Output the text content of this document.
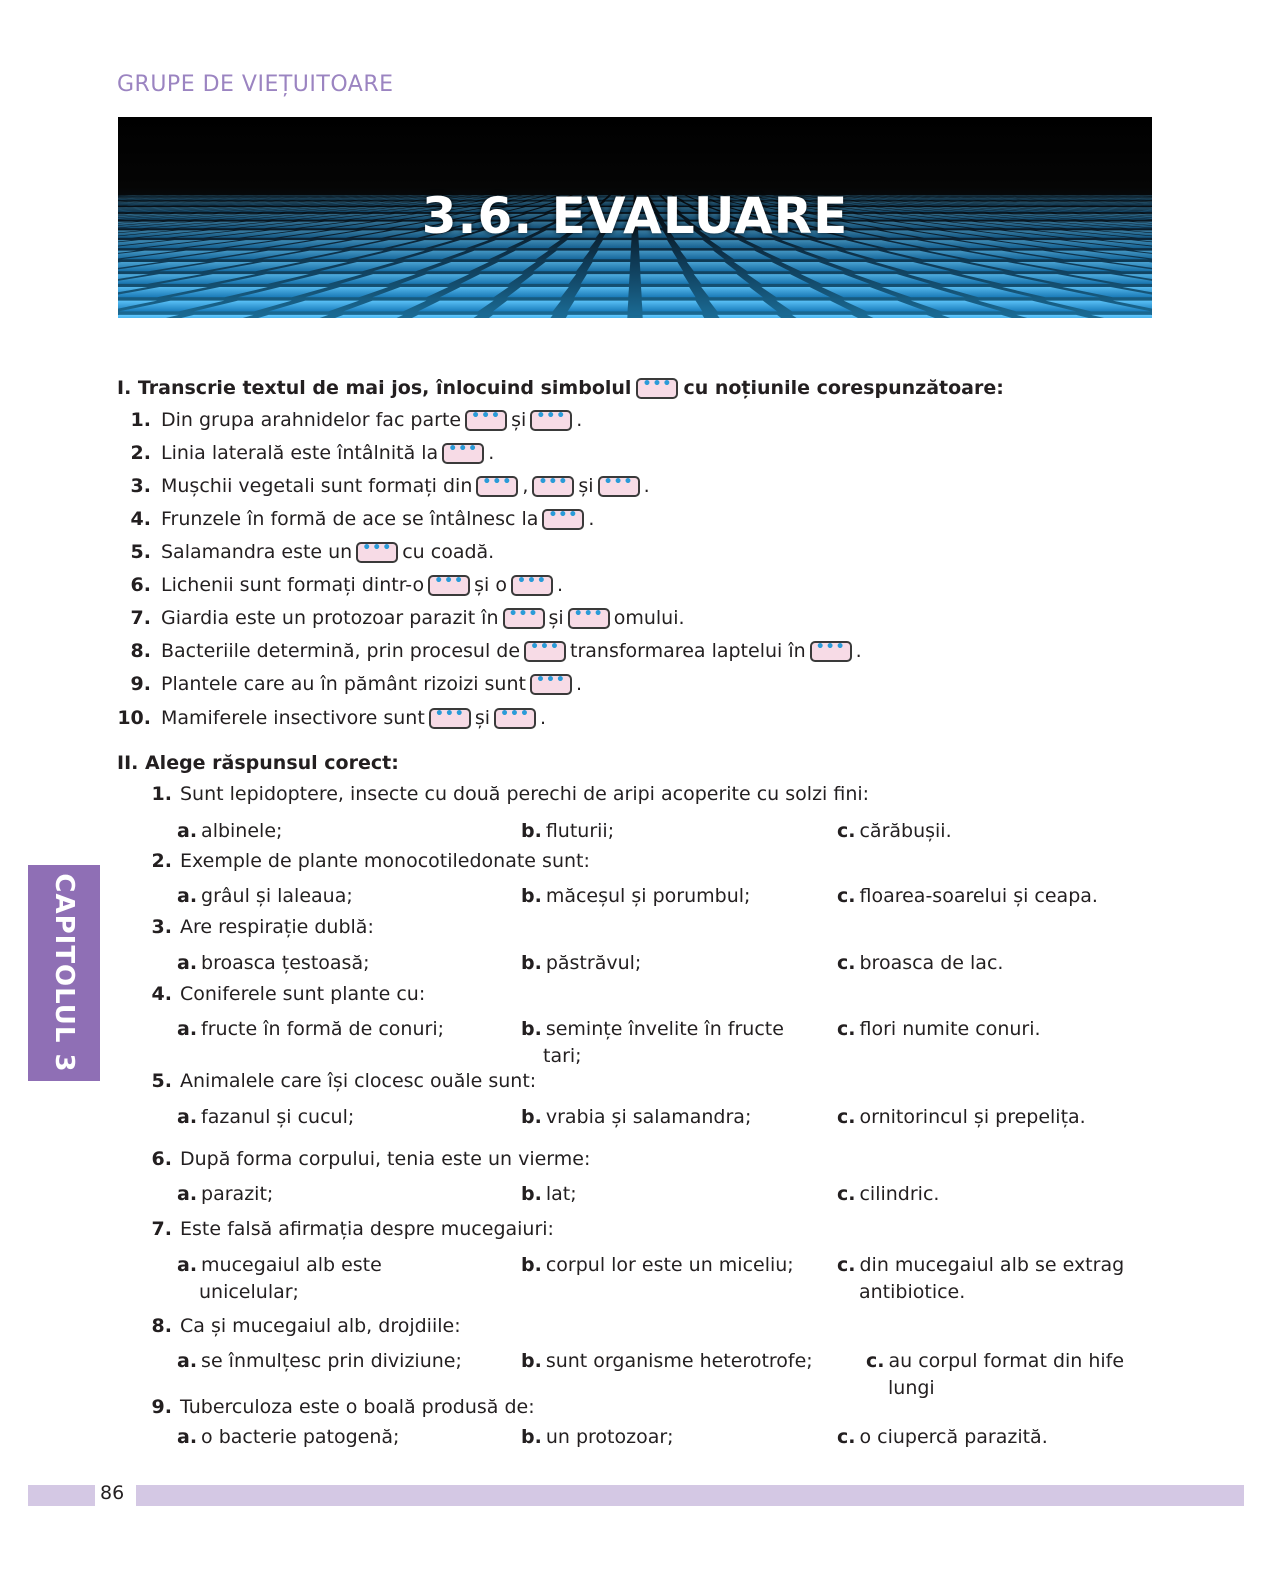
GRUPE DE VIEȚUITOARE
3.6. EVALUARE
I. Transcrie textul de mai jos, înlocuind simbolul •••	cu noțiunile corespunzătoare:
1. Din grupa arahnidelor fac parte •••	și •••	.
2. Linia laterală este întâlnită la •••	.
3. Mușchii vegetali sunt formați din •••	, •••	și •••	.
4. Frunzele în formă de ace se întâlnesc la •••	.
5. Salamandra este un •••	cu coadă.
6. Lichenii sunt formați dintr-o •••	și o •••	.
7. Giardia este un protozoar parazit în •••	și •••	omului.
8. Bacteriile determină, prin procesul de •••	transformarea laptelui în •••	.
9. Plantele care au în pământ rizoizi sunt •••	.
10. Mamiferele insectivore sunt •••	și •••	.
II. Alege răspunsul corect:
1. Sunt lepidoptere, insecte cu două perechi de aripi acoperite cu solzi fini:
a. albinele;	b. fluturii;	c. cărăbușii.
2. Exemple de plante monocotiledonate sunt:
a. grâul și laleaua;	b. măceșul și porumbul;	c. floarea-soarelui și ceapa.
3. Are respirație dublă:
a. broasca țestoasă;	b. păstrăvul;	c. broasca de lac.
4. Coniferele sunt plante cu:
a. fructe în formă de conuri;	b. semințe învelite în fructe
tari;
c. flori numite conuri.
5. Animalele care își clocesc ouăle sunt:
a. fazanul și cucul;	b. vrabia și salamandra;	c. ornitorincul și prepelița.
6. După forma corpului, tenia este un vierme:
a. parazit;	b. lat;	c. cilindric.
7. Este falsă afirmația despre mucegaiuri:
a. mucegaiul alb este
unicelular;
b. corpul lor este un miceliu; c. din mucegaiul alb se extrag
antibiotice.
8. Ca și mucegaiul alb, drojdiile:
a. se înmulțesc prin diviziune;	b. sunt organisme heterotrofe;	c. au corpul format din hife
lungi
9. Tuberculoza este o boală produsă de:
a. o bacterie patogenă;	b. un protozoar;	c. o ciupercă parazită.
CAPITOLUL 3
86
